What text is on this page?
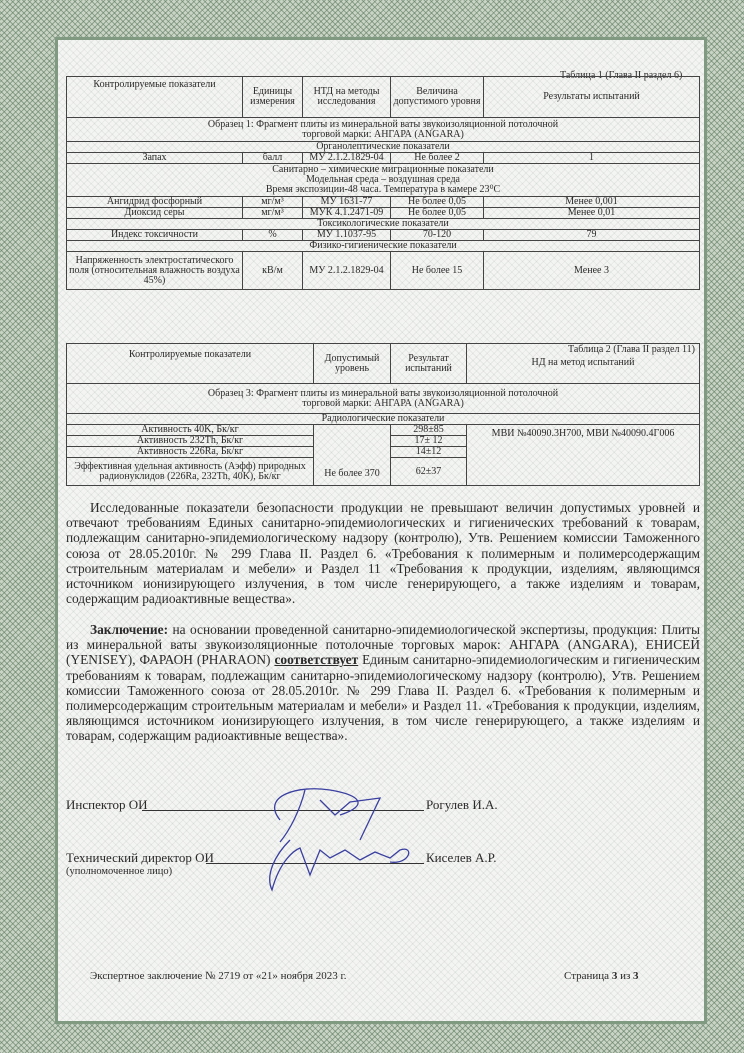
Таблица 1 (Глава II раздел 6)
Контролируемые показатели	Единицы измерения	НТД на методы исследования	Величина допустимого уровня	Результаты испытаний
Образец 1: Фрагмент плиты из минеральной ваты звукоизоляционной потолочной торговой марки: АНГАРА (ANGARA)				
Органолептические показатели				
Запах	балл	МУ 2.1.2.1829-04	Не более 2	1

Санитарно – химические миграционные показатели
Модельная среда – воздушная среда
Время экспозиции-48 часа. Температура в камере 23⁰С				

Ангидрид фосфорный	мг/м³	МУ 1631-77	Не более 0,05	Менее 0,001
Диоксид серы	мг/м³	МУК 4.1.2471-09	Не более 0,05	Менее 0,01
Токсикологические показатели				
Индекс токсичности	%	МУ 1.1037-95	70-120	79
Физико-гигиенические показатели				
Напряженность электростатического поля (относительная влажность воздуха 45%)	кВ/м	МУ 2.1.2.1829-04	Не более 15	Менее 3
Таблица 2 (Глава II раздел 11)
Контролируемые показатели	Допустимый уровень	Результат испытаний	НД на метод испытаний
Образец 3: Фрагмент плиты из минеральной ваты звукоизоляционной потолочной торговой марки: АНГАРА (ANGARA)			
Радиологические показатели			
Активность 40K, Бк/кг	Не более 370	298±85	МВИ №40090.3Н700, МВИ №40090.4Г006
Активность 232Th, Бк/кг		17± 12	
Активность 226Ra, Бк/кг		14±12	
Эффективная удельная активность (Аэфф) природных радионуклидов (226Ra, 232Th, 40K), Бк/кг		62±37	

Исследованные показатели безопасности продукции не превышают величин допустимых уровней и отвечают требованиям Единых санитарно-эпидемиологических и гигиенических требований к товарам, подлежащим санитарно-эпидемиологическому надзору (контролю), Утв. Решением комиссии Таможенного союза от 28.05.2010г. № 299 Глава II. Раздел 6. «Требования к полимерным и полимерсодержащим строительным материалам и мебели» и Раздел 11 «Требования к продукции, изделиям, являющимся источником ионизирующего излучения, в том числе генерирующего, а также изделиям и товарам, содержащим радиоактивные вещества».

Заключение: на основании проведенной санитарно-эпидемиологической экспертизы, продукция: Плиты из минеральной ваты звукоизоляционные потолочные торговых марок: АНГАРА (ANGARA), ЕНИСЕЙ (YENISEY), ФАРАОН (PHARAON) соответствует Единым санитарно-эпидемиологическим и гигиеническим требованиям к товарам, подлежащим санитарно-эпидемиологическому надзору (контролю), Утв. Решением комиссии Таможенного союза от 28.05.2010г. № 299 Глава II. Раздел 6. «Требования к полимерным и полимерсодержащим строительным материалам и мебели» и Раздел 11. «Требования к продукции, изделиям, являющимся источником ионизирующего излучения, в том числе генерирующего, а также изделиям и товарам, содержащим радиоактивные вещества».

Инспектор ОИ	Рогулев И.А.
Технический директор ОИ	Киселев А.Р.
(уполномоченное лицо)
Экспертное заключение № 2719 от «21» ноября 2023 г.	Страница 3 из 3
